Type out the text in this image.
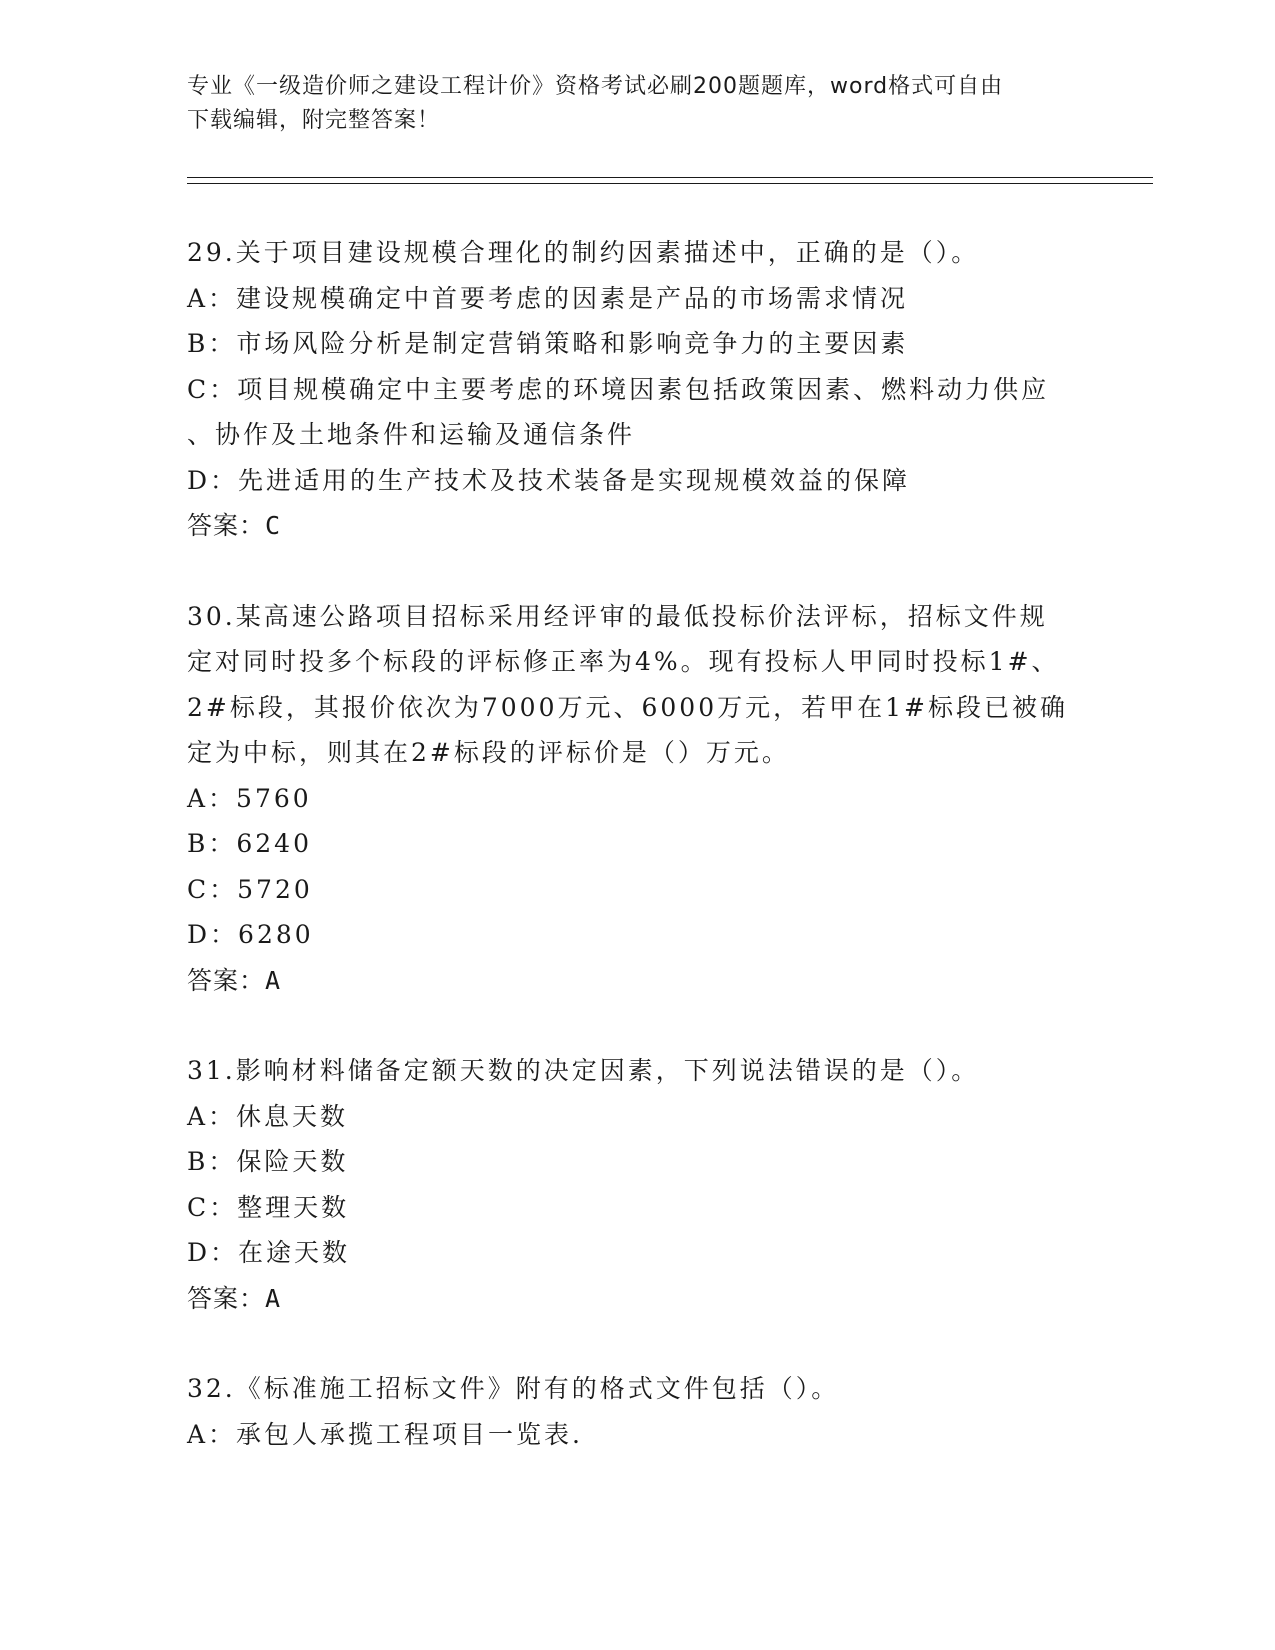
专业《一级造价师之建设工程计价》资格考试必刷200题题库，word格式可自由
下载编辑，附完整答案！
29.关于项目建设规模合理化的制约因素描述中，正确的是（）。
A：建设规模确定中首要考虑的因素是产品的市场需求情况
B：市场风险分析是制定营销策略和影响竞争力的主要因素
C：项目规模确定中主要考虑的环境因素包括政策因素、燃料动力供应
、协作及土地条件和运输及通信条件
D：先进适用的生产技术及技术装备是实现规模效益的保障
答案：C
30.某高速公路项目招标采用经评审的最低投标价法评标，招标文件规
定对同时投多个标段的评标修正率为4%。现有投标人甲同时投标1#、
2#标段，其报价依次为7000万元、6000万元，若甲在1#标段已被确
定为中标，则其在2#标段的评标价是（）万元。
A：5760
B：6240
C：5720
D：6280
答案：A
31.影响材料储备定额天数的决定因素，下列说法错误的是（）。
A：休息天数
B：保险天数
C：整理天数
D：在途天数
答案：A
32.《标准施工招标文件》附有的格式文件包括（）。
A：承包人承揽工程项目一览表.
